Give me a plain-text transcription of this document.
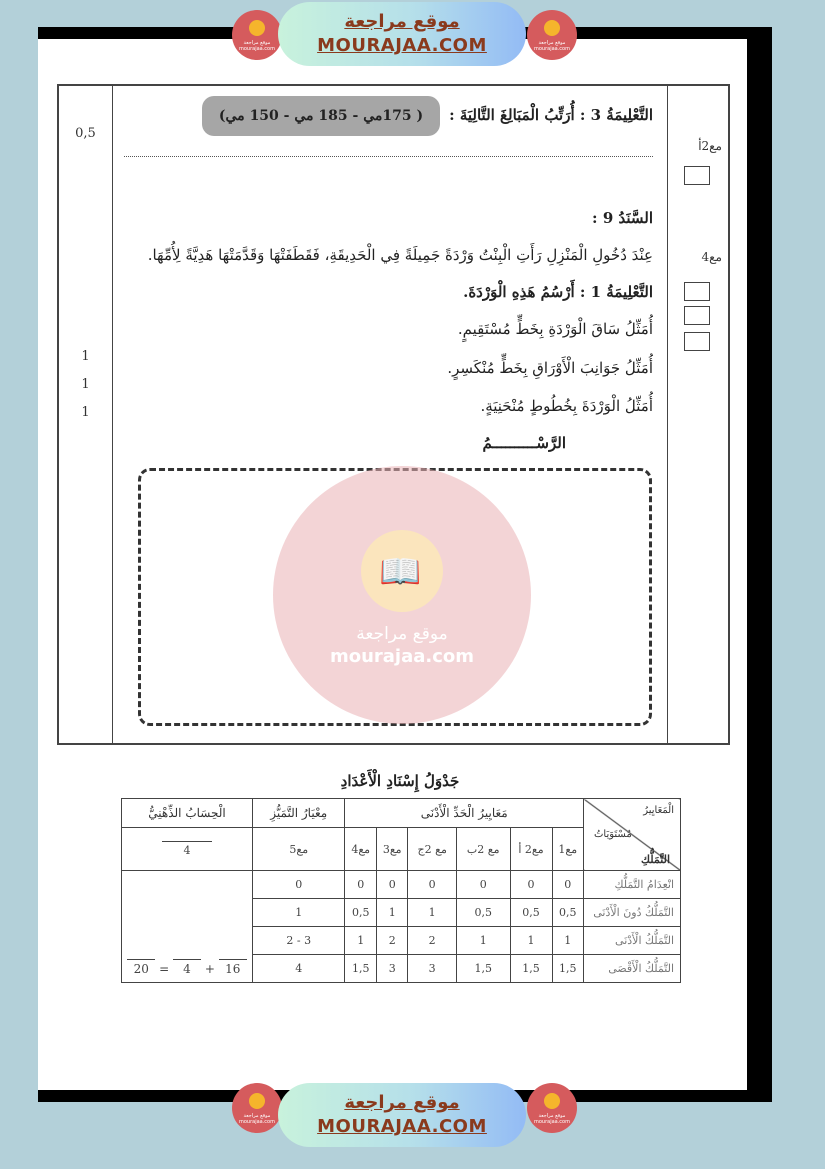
موقع مراجعة mourajaa.com
موقع مراجعة
MOURAJAA.COM	موقع مراجعة mourajaa.com
0,5
1
1
1
مع2أ
مع4
التَّعْلِيمَةُ 3 : أُرَتِّبُ الْمَبَالِغَ التَّالِيَةَ :
( 175مي - 185 مي - 150 مي)
السَّنَدُ 9 :
عِنْدَ دُخُولِ الْمَنْزِلِ رَأَتِ الْبِنْتُ وَرْدَةً جَمِيلَةً فِي الْحَدِيقَةِ، فَقَطَفَتْهَا وَقَدَّمَتْهَا هَدِيَّةً لِأُمِّهَا.
التَّعْلِيمَةُ 1 : أَرْسُمُ هَذِهِ الْوَرْدَةَ.
أُمَثِّلُ سَاقَ الْوَرْدَةِ بِخَطٍّ مُسْتَقِيمٍ.
أُمَثِّلُ جَوَانِبَ الْأَوْرَاقِ بِخَطٍّ مُنْكَسِرٍ.
أُمَثِّلُ الْوَرْدَةَ بِخُطُوطٍ مُنْحَنِيَةٍ.
الرَّسْــــــــــمُ
📖
موقع مراجعة
mourajaa.com
جَدْوَلُ إِسْنَادِ الْأَعْدَادِ
الْمَعَايِيرُ
مُسْتَوَيَاتُ
التَّمَلُّكِ	مَعَايِيرُ الْحَدِّ الْأَدْنَى						مِعْيَارُ التَّمَيُّزِ	الْحِسَابُ الذِّهْنِيُّ
	مع1	مع2 أ	مع 2ب	مع 2ج	مع3	مع4	مع5	4
انْعِدَامُ التَّمَلُّكِ	0	0	0	0	0	0	0	20 = 4 + 16

التَّمَلُّكُ دُونَ الْأَدْنَى	0,5	0,5	0,5	1	1	0,5	1	
التَّمَلُّكُ الْأَدْنَى	1	1	1	2	2	1	3 - 2	
التَّمَلُّكُ الْأَقْصَى	1,5	1,5	1,5	3	3	1,5	4	
موقع مراجعة mourajaa.com
موقع مراجعة
MOURAJAA.COM	موقع مراجعة mourajaa.com
